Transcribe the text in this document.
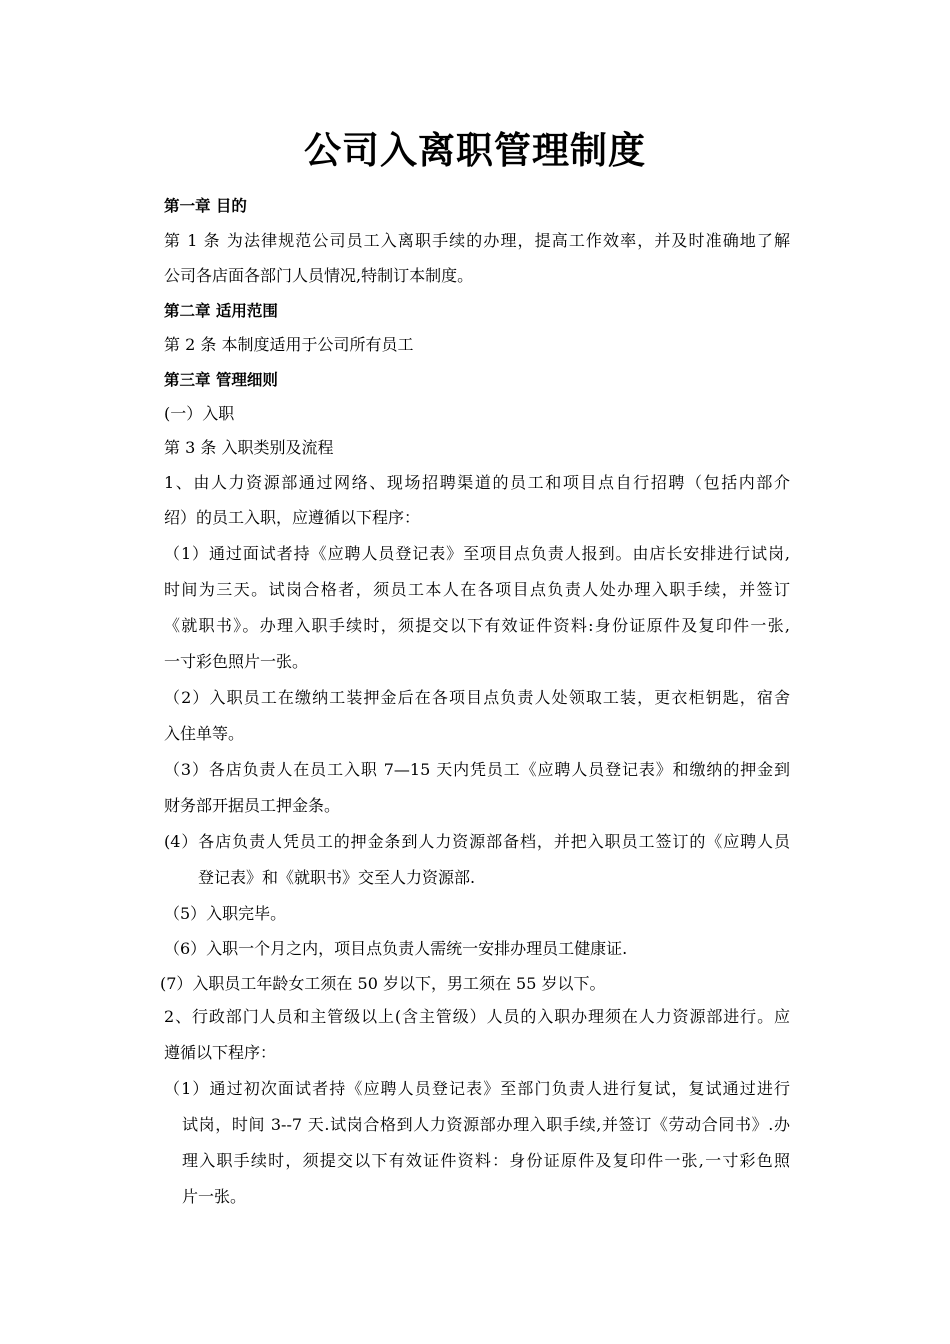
公司入离职管理制度
第一章 目的
第 1 条 为法律规范公司员工入离职手续的办理，提高工作效率，并及时准确地了解
公司各店面各部门人员情况,特制订本制度。
第二章 适用范围
第 2 条 本制度适用于公司所有员工
第三章 管理细则
(一）入职
第 3 条 入职类别及流程
1、由人力资源部通过网络、现场招聘渠道的员工和项目点自行招聘（包括内部介
绍）的员工入职，应遵循以下程序：
（1）通过面试者持《应聘人员登记表》至项目点负责人报到。由店长安排进行试岗,
时间为三天。试岗合格者，须员工本人在各项目点负责人处办理入职手续，并签订
《就职书》。办理入职手续时，须提交以下有效证件资料:身份证原件及复印件一张,
一寸彩色照片一张。
（2）入职员工在缴纳工装押金后在各项目点负责人处领取工装，更衣柜钥匙，宿舍
入住单等。
（3）各店负责人在员工入职 7—15 天内凭员工《应聘人员登记表》和缴纳的押金到
财务部开据员工押金条。
(4）各店负责人凭员工的押金条到人力资源部备档，并把入职员工签订的《应聘人员
登记表》和《就职书》交至人力资源部.
（5）入职完毕。
（6）入职一个月之内，项目点负责人需统一安排办理员工健康证.
(7）入职员工年龄女工须在 50 岁以下，男工须在 55 岁以下。
2、行政部门人员和主管级以上(含主管级）人员的入职办理须在人力资源部进行。应
遵循以下程序：
（1）通过初次面试者持《应聘人员登记表》至部门负责人进行复试，复试通过进行
试岗，时间 3--7 天.试岗合格到人力资源部办理入职手续,并签订《劳动合同书》.办
理入职手续时，须提交以下有效证件资料：身份证原件及复印件一张,一寸彩色照
片一张。
